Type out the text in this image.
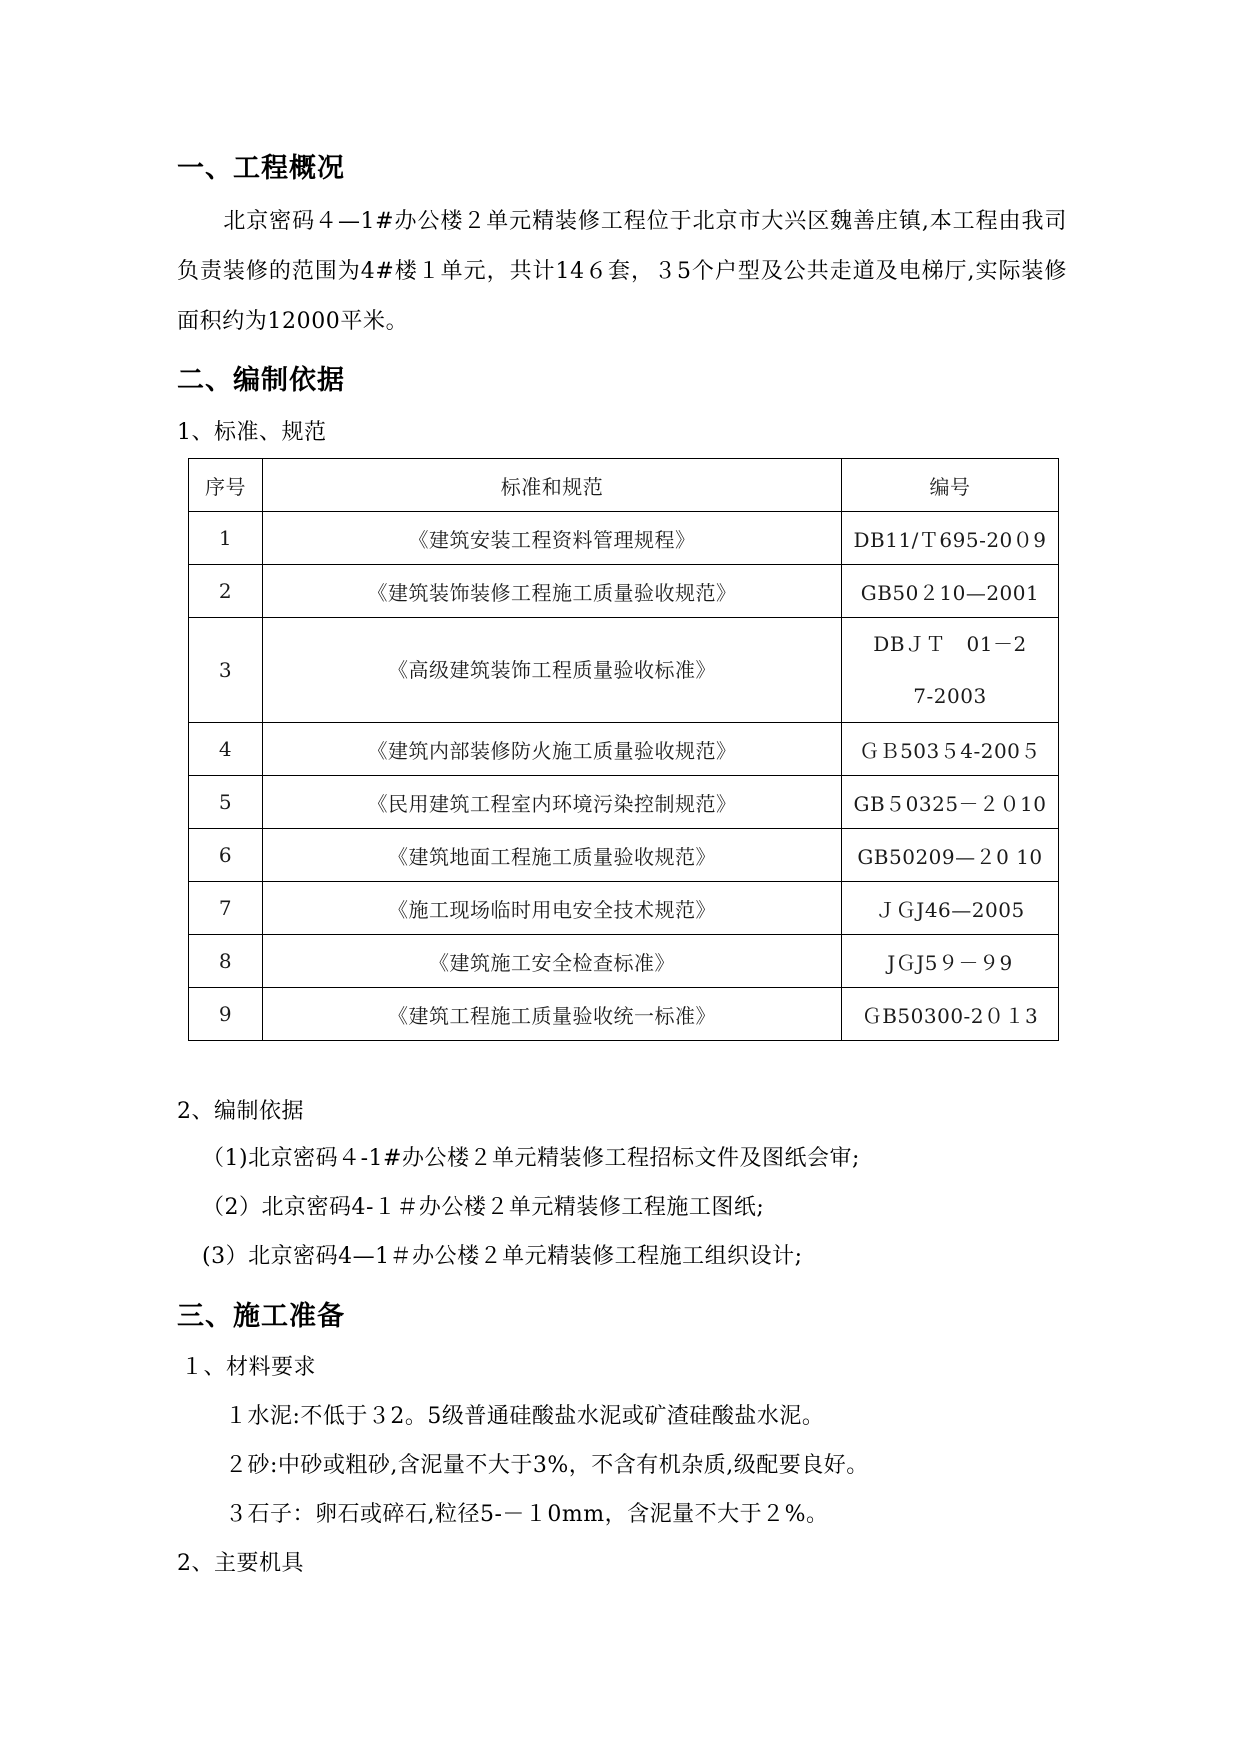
一、工程概况
北京密码４—1#办公楼２单元精装修工程位于北京市大兴区魏善庄镇,本工程由我司负责装修的范围为4#楼１单元，共计14６套，３5个户型及公共走道及电梯厅,实际装修面积约为12000平米。
二、编制依据
1、标准、规范
序号	标准和规范	编号
1	《建筑安装工程资料管理规程》	DB11/Ｔ695-20０9
2	《建筑装饰装修工程施工质量验收规范》	GB50２10—2001
3	《高级建筑装饰工程质量验收标准》	DBＪＴ　01－2
7-2003

4	《建筑内部装修防火施工质量验收规范》	ＧＢ503５4-200５
5	《民用建筑工程室内环境污染控制规范》	GB５0325－２０10
6	《建筑地面工程施工质量验收规范》	GB50209—２0 10
7	《施工现场临时用电安全技术规范》	ＪＧJ46—2005
8	《建筑施工安全检查标准》	JＧJ5９－９9
9	《建筑工程施工质量验收统一标准》	ＧB50300-2０１3
2、编制依据
（1)北京密码４-1#办公楼２单元精装修工程招标文件及图纸会审;
（2）北京密码4-１＃办公楼２单元精装修工程施工图纸;
(3）北京密码4—1＃办公楼２单元精装修工程施工组织设计;
三、施工准备
１、材料要求
１水泥:不低于３2。5级普通硅酸盐水泥或矿渣硅酸盐水泥。
２砂:中砂或粗砂,含泥量不大于3%，不含有机杂质,级配要良好。
３石子：卵石或碎石,粒径5-－１0mm，含泥量不大于２%。
2、主要机具
